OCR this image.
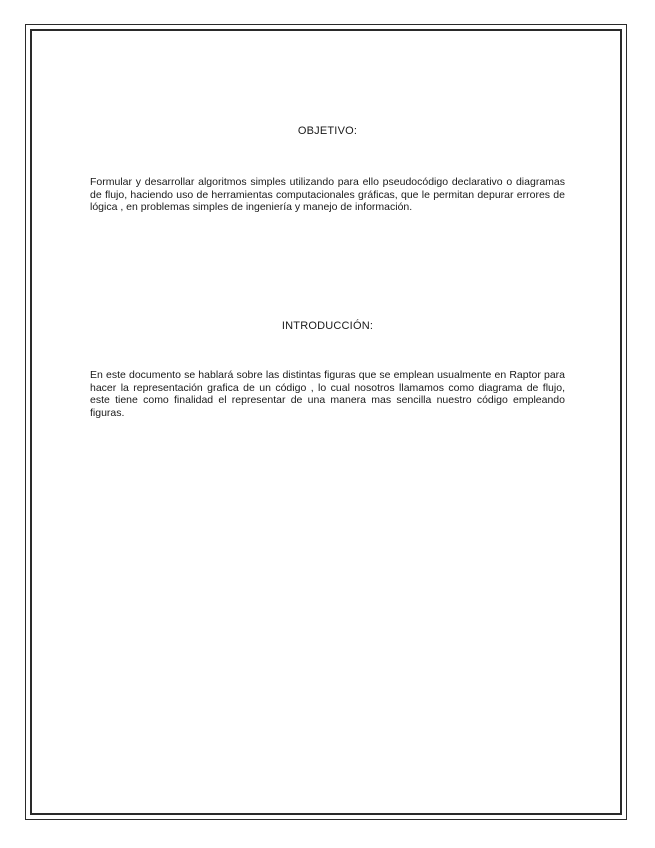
OBJETIVO:

Formular y desarrollar algoritmos simples utilizando para ello pseudocódigo declarativo o diagramas de flujo, haciendo uso de herramientas computacionales gráficas, que le permitan depurar errores de lógica , en problemas simples de ingeniería y manejo de información.

INTRODUCCIÓN:

En este documento se hablará sobre las distintas figuras que se emplean usualmente en Raptor para hacer la representación grafica de un código , lo cual nosotros llamamos como diagrama de flujo, este tiene como finalidad el representar de una manera mas sencilla nuestro código empleando figuras.
